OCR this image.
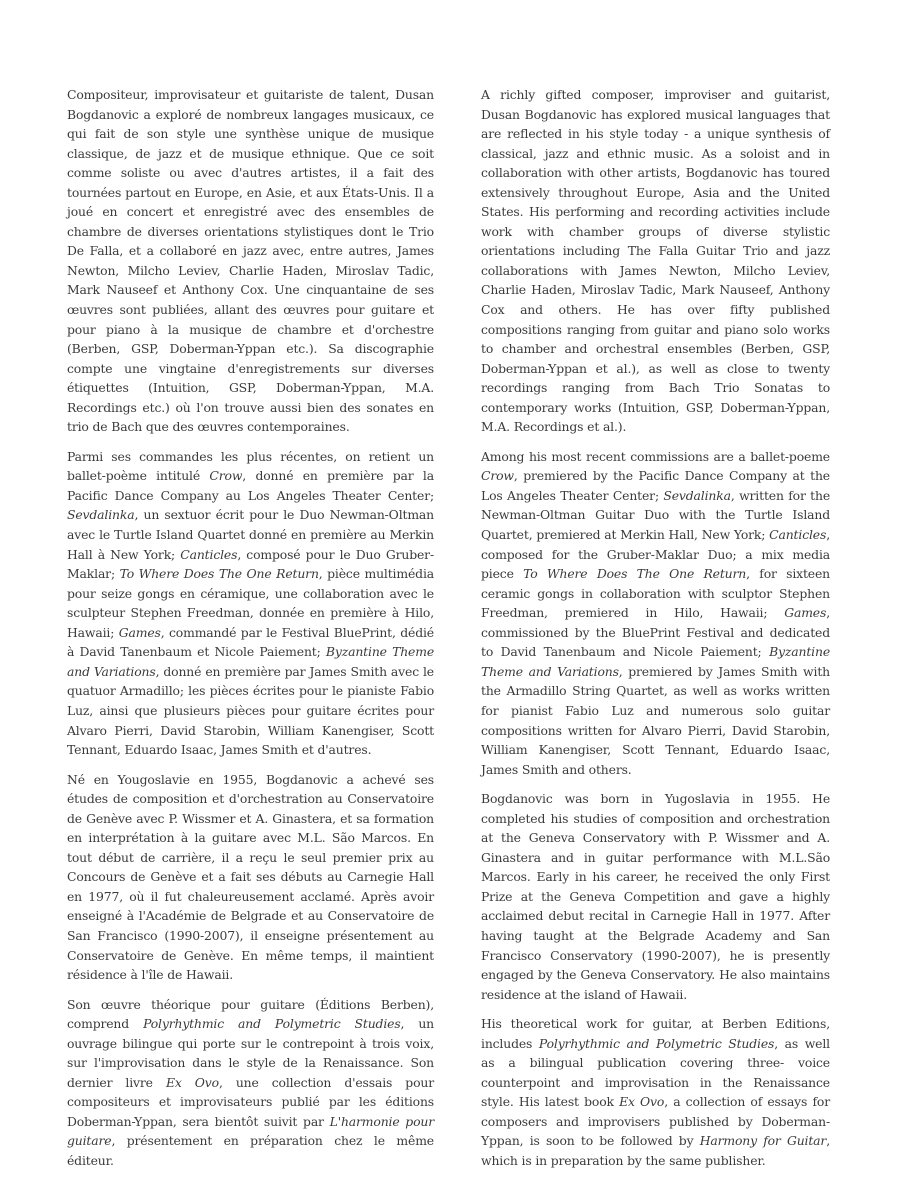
Compositeur, improvisateur et guitariste de talent, Dusan Bogdanovic a exploré de nombreux langages musicaux, ce qui fait de son style une synthèse unique de musique classique, de jazz et de musique ethnique. Que ce soit comme soliste ou avec d'autres artistes, il a fait des tournées partout en Europe, en Asie, et aux États-Unis. Il a joué en concert et enregistré avec des ensembles de chambre de diverses orientations stylistiques dont le Trio De Falla, et a collaboré en jazz avec, entre autres, James Newton, Milcho Leviev, Charlie Haden, Miroslav Tadic, Mark Nauseef et Anthony Cox. Une cinquantaine de ses œuvres sont publiées, allant des œuvres pour guitare et pour piano à la musique de chambre et d'orchestre (Berben, GSP, Doberman-Yppan etc.). Sa discographie compte une vingtaine d'enregistrements sur diverses étiquettes (Intuition, GSP, Doberman-Yppan, M.A. Recordings etc.) où l'on trouve aussi bien des sonates en trio de Bach que des œuvres contemporaines.

Parmi ses commandes les plus récentes, on retient un ballet-poème intitulé Crow, donné en première par la Pacific Dance Company au Los Angeles Theater Center; Sevdalinka, un sextuor écrit pour le Duo Newman-Oltman avec le Turtle Island Quartet donné en première au Merkin Hall à New York; Canticles, composé pour le Duo Gruber-Maklar; To Where Does The One Return, pièce multimédia pour seize gongs en céramique, une collaboration avec le sculpteur Stephen Freedman, donnée en première à Hilo, Hawaii; Games, commandé par le Festival BluePrint, dédié à David Tanenbaum et Nicole Paiement; Byzantine Theme and Variations, donné en première par James Smith avec le quatuor Armadillo; les pièces écrites pour le pianiste Fabio Luz, ainsi que plusieurs pièces pour guitare écrites pour Alvaro Pierri, David Starobin, William Kanengiser, Scott Tennant, Eduardo Isaac, James Smith et d'autres.

Né en Yougoslavie en 1955, Bogdanovic a achevé ses études de composition et d'orchestration au Conservatoire de Genève avec P. Wissmer et A. Ginastera, et sa formation en interprétation à la guitare avec M.L. São Marcos. En tout début de carrière, il a reçu le seul premier prix au Concours de Genève et a fait ses débuts au Carnegie Hall en 1977, où il fut chaleureusement acclamé. Après avoir enseigné à l'Académie de Belgrade et au Conservatoire de San Francisco (1990-2007), il enseigne présentement au Conservatoire de Genève. En même temps, il maintient résidence à l'île de Hawaii.

Son œuvre théorique pour guitare (Éditions Berben), comprend Polyrhythmic and Polymetric Studies, un ouvrage bilingue qui porte sur le contrepoint à trois voix, sur l'improvisation dans le style de la Renaissance. Son dernier livre Ex Ovo, une collection d'essais pour compositeurs et improvisateurs publié par les éditions Doberman-Yppan, sera bientôt suivit par L'harmonie pour guitare, présentement en préparation chez le même éditeur.

A richly gifted composer, improviser and guitarist, Dusan Bogdanovic has explored musical languages that are reflected in his style today - a unique synthesis of classical, jazz and ethnic music. As a soloist and in collaboration with other artists, Bogdanovic has toured extensively throughout Europe, Asia and the United States. His performing and recording activities include work with chamber groups of diverse stylistic orientations including The Falla Guitar Trio and jazz collaborations with James Newton, Milcho Leviev, Charlie Haden, Miroslav Tadic, Mark Nauseef, Anthony Cox and others. He has over fifty published compositions ranging from guitar and piano solo works to chamber and orchestral ensembles (Berben, GSP, Doberman-Yppan et al.), as well as close to twenty recordings ranging from Bach Trio Sonatas to contemporary works (Intuition, GSP, Doberman-Yppan, M.A. Recordings et al.).

Among his most recent commissions are a ballet-poeme Crow, premiered by the Pacific Dance Company at the Los Angeles Theater Center; Sevdalinka, written for the Newman-Oltman Guitar Duo with the Turtle Island Quartet, premiered at Merkin Hall, New York; Canticles, composed for the Gruber-Maklar Duo; a mix media piece To Where Does The One Return, for sixteen ceramic gongs in collaboration with sculptor Stephen Freedman, premiered in Hilo, Hawaii; Games, commissioned by the BluePrint Festival and dedicated to David Tanenbaum and Nicole Paiement; Byzantine Theme and Variations, premiered by James Smith with the Armadillo String Quartet, as well as works written for pianist Fabio Luz and numerous solo guitar compositions written for Alvaro Pierri, David Starobin, William Kanengiser, Scott Tennant, Eduardo Isaac, James Smith and others.

Bogdanovic was born in Yugoslavia in 1955. He completed his studies of composition and orchestration at the Geneva Conservatory with P. Wissmer and A. Ginastera and in guitar performance with M.L.São Marcos. Early in his career, he received the only First Prize at the Geneva Competition and gave a highly acclaimed debut recital in Carnegie Hall in 1977. After having taught at the Belgrade Academy and San Francisco Conservatory (1990-2007), he is presently engaged by the Geneva Conservatory. He also maintains residence at the island of Hawaii.

His theoretical work for guitar, at Berben Editions, includes Polyrhythmic and Polymetric Studies, as well as a bilingual publication covering three- voice counterpoint and improvisation in the Renaissance style. His latest book Ex Ovo, a collection of essays for composers and improvisers published by Doberman-Yppan, is soon to be followed by Harmony for Guitar, which is in preparation by the same publisher.
